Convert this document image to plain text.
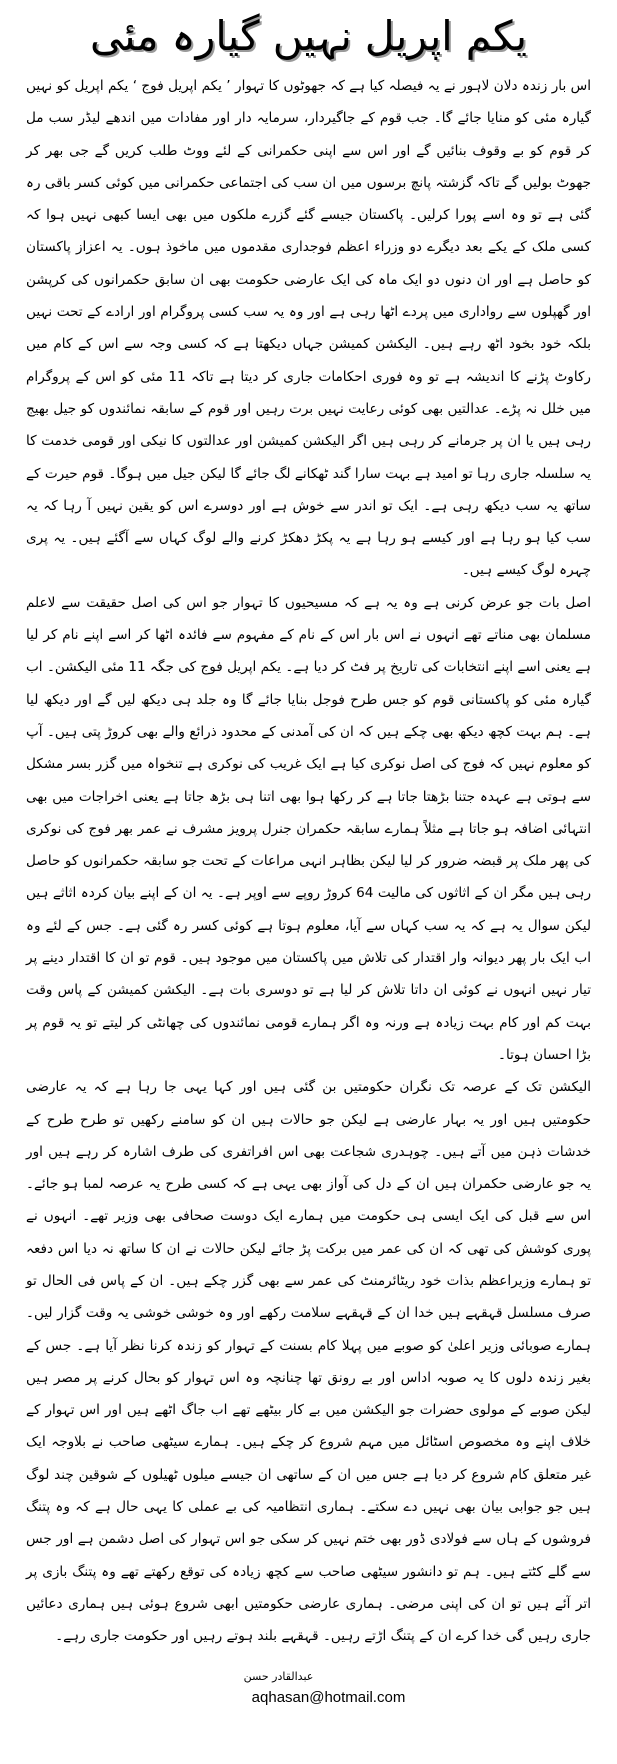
یکم اپریل نہیں گیارہ مئی

اس بار زندہ دلان لاہور نے یہ فیصلہ کیا ہے کہ جھوٹوں کا تہوار ’ یکم اپریل فوج ‘ یکم اپریل کو نہیں گیارہ مئی کو منایا جائے گا۔ جب قوم کے جاگیردار، سرمایہ دار اور مفادات میں اندھے لیڈر سب مل کر قوم کو بے وقوف بنائیں گے اور اس سے اپنی حکمرانی کے لئے ووٹ طلب کریں گے جی بھر کر جھوٹ بولیں گے تاکہ گزشتہ پانچ برسوں میں ان سب کی اجتماعی حکمرانی میں کوئی کسر باقی رہ گئی ہے تو وہ اسے پورا کرلیں۔ پاکستان جیسے گئے گزرے ملکوں میں بھی ایسا کبھی نہیں ہوا کہ کسی ملک کے یکے بعد دیگرے دو وزراء اعظم فوجداری مقدموں میں ماخوذ ہوں۔ یہ اعزاز پاکستان کو حاصل ہے اور ان دنوں دو ایک ماہ کی ایک عارضی حکومت بھی ان سابق حکمرانوں کی کرپشن اور گھپلوں سے رواداری میں پردے اٹھا رہی ہے اور وہ یہ سب کسی پروگرام اور ارادے کے تحت نہیں بلکہ خود بخود اٹھ رہے ہیں۔ الیکشن کمیشن جہاں دیکھتا ہے کہ کسی وجہ سے اس کے کام میں رکاوٹ پڑنے کا اندیشہ ہے تو وہ فوری احکامات جاری کر دیتا ہے تاکہ 11 مئی کو اس کے پروگرام میں خلل نہ پڑے۔ عدالتیں بھی کوئی رعایت نہیں برت رہیں اور قوم کے سابقہ نمائندوں کو جیل بھیج رہی ہیں یا ان پر جرمانے کر رہی ہیں اگر الیکشن کمیشن اور عدالتوں کا نیکی اور قومی خدمت کا یہ سلسلہ جاری رہا تو امید ہے بہت سارا گند ٹھکانے لگ جائے گا لیکن جیل میں ہوگا۔ قوم حیرت کے ساتھ یہ سب دیکھ رہی ہے۔ ایک تو اندر سے خوش ہے اور دوسرے اس کو یقین نہیں آ رہا کہ یہ سب کیا ہو رہا ہے اور کیسے ہو رہا ہے یہ پکڑ دھکڑ کرنے والے لوگ کہاں سے آگئے ہیں۔ یہ پری چہرہ لوگ کیسے ہیں۔

اصل بات جو عرض کرنی ہے وہ یہ ہے کہ مسیحیوں کا تہوار جو اس کی اصل حقیقت سے لاعلم مسلمان بھی مناتے تھے انہوں نے اس بار اس کے نام کے مفہوم سے فائدہ اٹھا کر اسے اپنے نام کر لیا ہے یعنی اسے اپنے انتخابات کی تاریخ پر فٹ کر دیا ہے۔ یکم اپریل فوج کی جگہ 11 مئی الیکشن۔ اب گیارہ مئی کو پاکستانی قوم کو جس طرح فوجل بنایا جائے گا وہ جلد ہی دیکھ لیں گے اور دیکھ لیا ہے۔ ہم بہت کچھ دیکھ بھی چکے ہیں کہ ان کی آمدنی کے محدود ذرائع والے بھی کروڑ پتی ہیں۔ آپ کو معلوم نہیں کہ فوج کی اصل نوکری کیا ہے ایک غریب کی نوکری ہے تنخواہ میں گزر بسر مشکل سے ہوتی ہے عہدہ جتنا بڑھتا جاتا ہے کر رکھا ہوا بھی اتنا ہی بڑھ جاتا ہے یعنی اخراجات میں بھی انتہائی اضافہ ہو جاتا ہے مثلاً ہمارے سابقہ حکمران جنرل پرویز مشرف نے عمر بھر فوج کی نوکری کی پھر ملک پر قبضہ ضرور کر لیا لیکن بظاہر انہی مراعات کے تحت جو سابقہ حکمرانوں کو حاصل رہی ہیں مگر ان کے اثاثوں کی مالیت 64 کروڑ روپے سے اوپر ہے۔ یہ ان کے اپنے بیان کردہ اثاثے ہیں لیکن سوال یہ ہے کہ یہ سب کہاں سے آیا، معلوم ہوتا ہے کوئی کسر رہ گئی ہے۔ جس کے لئے وہ اب ایک بار پھر دیوانہ وار اقتدار کی تلاش میں پاکستان میں موجود ہیں۔ قوم تو ان کا اقتدار دینے پر تیار نہیں انہوں نے کوئی ان داتا تلاش کر لیا ہے تو دوسری بات ہے۔ الیکشن کمیشن کے پاس وقت بہت کم اور کام بہت زیادہ ہے ورنہ وہ اگر ہمارے قومی نمائندوں کی چھانٹی کر لیتے تو یہ قوم پر بڑا احسان ہوتا۔

الیکشن تک کے عرصہ تک نگران حکومتیں بن گئی ہیں اور کہا یہی جا رہا ہے کہ یہ عارضی حکومتیں ہیں اور یہ بہار عارضی ہے لیکن جو حالات ہیں ان کو سامنے رکھیں تو طرح طرح کے خدشات ذہن میں آتے ہیں۔ چوہدری شجاعت بھی اس افراتفری کی طرف اشارہ کر رہے ہیں اور یہ جو عارضی حکمران ہیں ان کے دل کی آواز بھی یہی ہے کہ کسی طرح یہ عرصہ لمبا ہو جائے۔ اس سے قبل کی ایک ایسی ہی حکومت میں ہمارے ایک دوست صحافی بھی وزیر تھے۔ انہوں نے پوری کوشش کی تھی کہ ان کی عمر میں برکت پڑ جائے لیکن حالات نے ان کا ساتھ نہ دیا اس دفعہ تو ہمارے وزیراعظم بذات خود ریٹائرمنٹ کی عمر سے بھی گزر چکے ہیں۔ ان کے پاس فی الحال تو صرف مسلسل قہقہے ہیں خدا ان کے قہقہے سلامت رکھے اور وہ خوشی خوشی یہ وقت گزار لیں۔ ہمارے صوبائی وزیر اعلیٰ کو صوبے میں پہلا کام بسنت کے تہوار کو زندہ کرنا نظر آیا ہے۔ جس کے بغیر زندہ دلوں کا یہ صوبہ اداس اور بے رونق تھا چنانچہ وہ اس تہوار کو بحال کرنے پر مصر ہیں لیکن صوبے کے مولوی حضرات جو الیکشن میں بے کار بیٹھے تھے اب جاگ اٹھے ہیں اور اس تہوار کے خلاف اپنے وہ مخصوص اسٹائل میں مہم شروع کر چکے ہیں۔ ہمارے سیٹھی صاحب نے بلاوجہ ایک غیر متعلق کام شروع کر دیا ہے جس میں ان کے ساتھی ان جیسے میلوں ٹھیلوں کے شوقین چند لوگ ہیں جو جوابی بیان بھی نہیں دے سکتے۔ ہماری انتظامیہ کی بے عملی کا یہی حال ہے کہ وہ پتنگ فروشوں کے ہاں سے فولادی ڈور بھی ختم نہیں کر سکی جو اس تہوار کی اصل دشمن ہے اور جس سے گلے کٹتے ہیں۔ ہم تو دانشور سیٹھی صاحب سے کچھ زیادہ کی توقع رکھتے تھے وہ پتنگ بازی پر اتر آئے ہیں تو ان کی اپنی مرضی۔ ہماری عارضی حکومتیں ابھی شروع ہوئی ہیں ہماری دعائیں جاری رہیں گی خدا کرے ان کے پتنگ اڑتے رہیں۔ قہقہے بلند ہوتے رہیں اور حکومت جاری رہے۔

عبدالقادر حسن
aqhasan@hotmail.com
